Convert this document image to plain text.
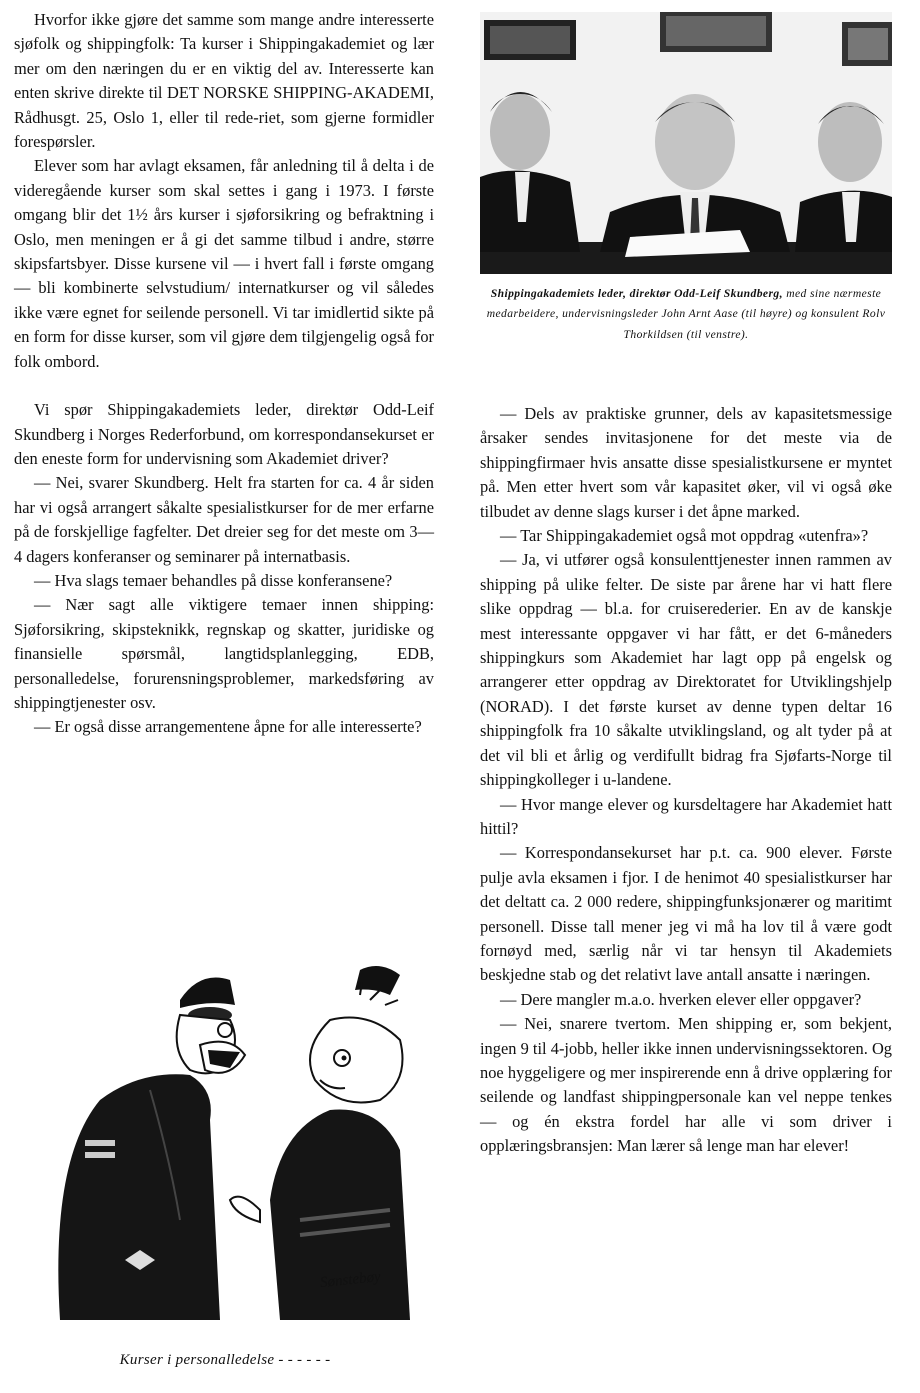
Hvorfor ikke gjøre det samme som mange andre interesserte sjøfolk og shippingfolk: Ta kurser i Shippingakademiet og lær mer om den næringen du er en viktig del av. Interesserte kan enten skrive direkte til DET NORSKE SHIPPING-AKADEMI, Rådhusgt. 25, Oslo 1, eller til rede-riet, som gjerne formidler forespørsler.

Elever som har avlagt eksamen, får anledning til å delta i de videregående kurser som skal settes i gang i 1973. I første omgang blir det 1½ års kurser i sjøforsikring og befraktning i Oslo, men meningen er å gi det samme tilbud i andre, større skipsfartsbyer. Disse kursene vil — i hvert fall i første omgang — bli kombinerte selvstudium/ internatkurser og vil således ikke være egnet for seilende personell. Vi tar imidlertid sikte på en form for disse kurser, som vil gjøre dem tilgjengelig også for folk ombord.

Vi spør Shippingakademiets leder, direktør Odd-Leif Skundberg i Norges Rederforbund, om korrespondansekurset er den eneste form for undervisning som Akademiet driver?

— Nei, svarer Skundberg. Helt fra starten for ca. 4 år siden har vi også arrangert såkalte spesialistkurser for de mer erfarne på de forskjellige fagfelter. Det dreier seg for det meste om 3—4 dagers konferanser og seminarer på internatbasis.

— Hva slags temaer behandles på disse konferansene?

— Nær sagt alle viktigere temaer innen shipping: Sjøforsikring, skipsteknikk, regnskap og skatter, juridiske og finansielle spørsmål, langtidsplanlegging, EDB, personalledelse, forurensningsproblemer, markedsføring av shippingtjenester osv.

— Er også disse arrangementene åpne for alle interesserte?

Shippingakademiets leder, direktør Odd-Leif Skundberg, med sine nærmeste medarbeidere, undervisningsleder John Arnt Aase (til høyre) og konsulent Rolv Thorkildsen (til venstre).

— Dels av praktiske grunner, dels av kapasitetsmessige årsaker sendes invitasjonene for det meste via de shippingfirmaer hvis ansatte disse spesialistkursene er myntet på. Men etter hvert som vår kapasitet øker, vil vi også øke tilbudet av denne slags kurser i det åpne marked.

— Tar Shippingakademiet også mot oppdrag «utenfra»?

— Ja, vi utfører også konsulenttjenester innen rammen av shipping på ulike felter. De siste par årene har vi hatt flere slike oppdrag — bl.a. for cruiserederier. En av de kanskje mest interessante oppgaver vi har fått, er det 6-måneders shippingkurs som Akademiet har lagt opp på engelsk og arrangerer etter oppdrag av Direktoratet for Utviklingshjelp (NORAD). I det første kurset av denne typen deltar 16 shippingfolk fra 10 såkalte utviklingsland, og alt tyder på at det vil bli et årlig og verdifullt bidrag fra Sjøfarts-Norge til shippingkolleger i u-landene.

— Hvor mange elever og kursdeltagere har Akademiet hatt hittil?

— Korrespondansekurset har p.t. ca. 900 elever. Første pulje avla eksamen i fjor. I de henimot 40 spesialistkurser har det deltatt ca. 2 000 redere, shippingfunksjonærer og maritimt personell. Disse tall mener jeg vi må ha lov til å være godt fornøyd med, særlig når vi tar hensyn til Akademiets beskjedne stab og det relativt lave antall ansatte i næringen.

— Dere mangler m.a.o. hverken elever eller oppgaver?

— Nei, snarere tvertom. Men shipping er, som bekjent, ingen 9 til 4-jobb, heller ikke innen undervisningssektoren. Og noe hyggeligere og mer inspirerende enn å drive opplæring for seilende og landfast shippingpersonale kan vel neppe tenkes — og én ekstra fordel har alle vi som driver i opplæringsbransjen: Man lærer så lenge man har elever!

Sønstebøy
Kurser i personalledelse - - - - - -
